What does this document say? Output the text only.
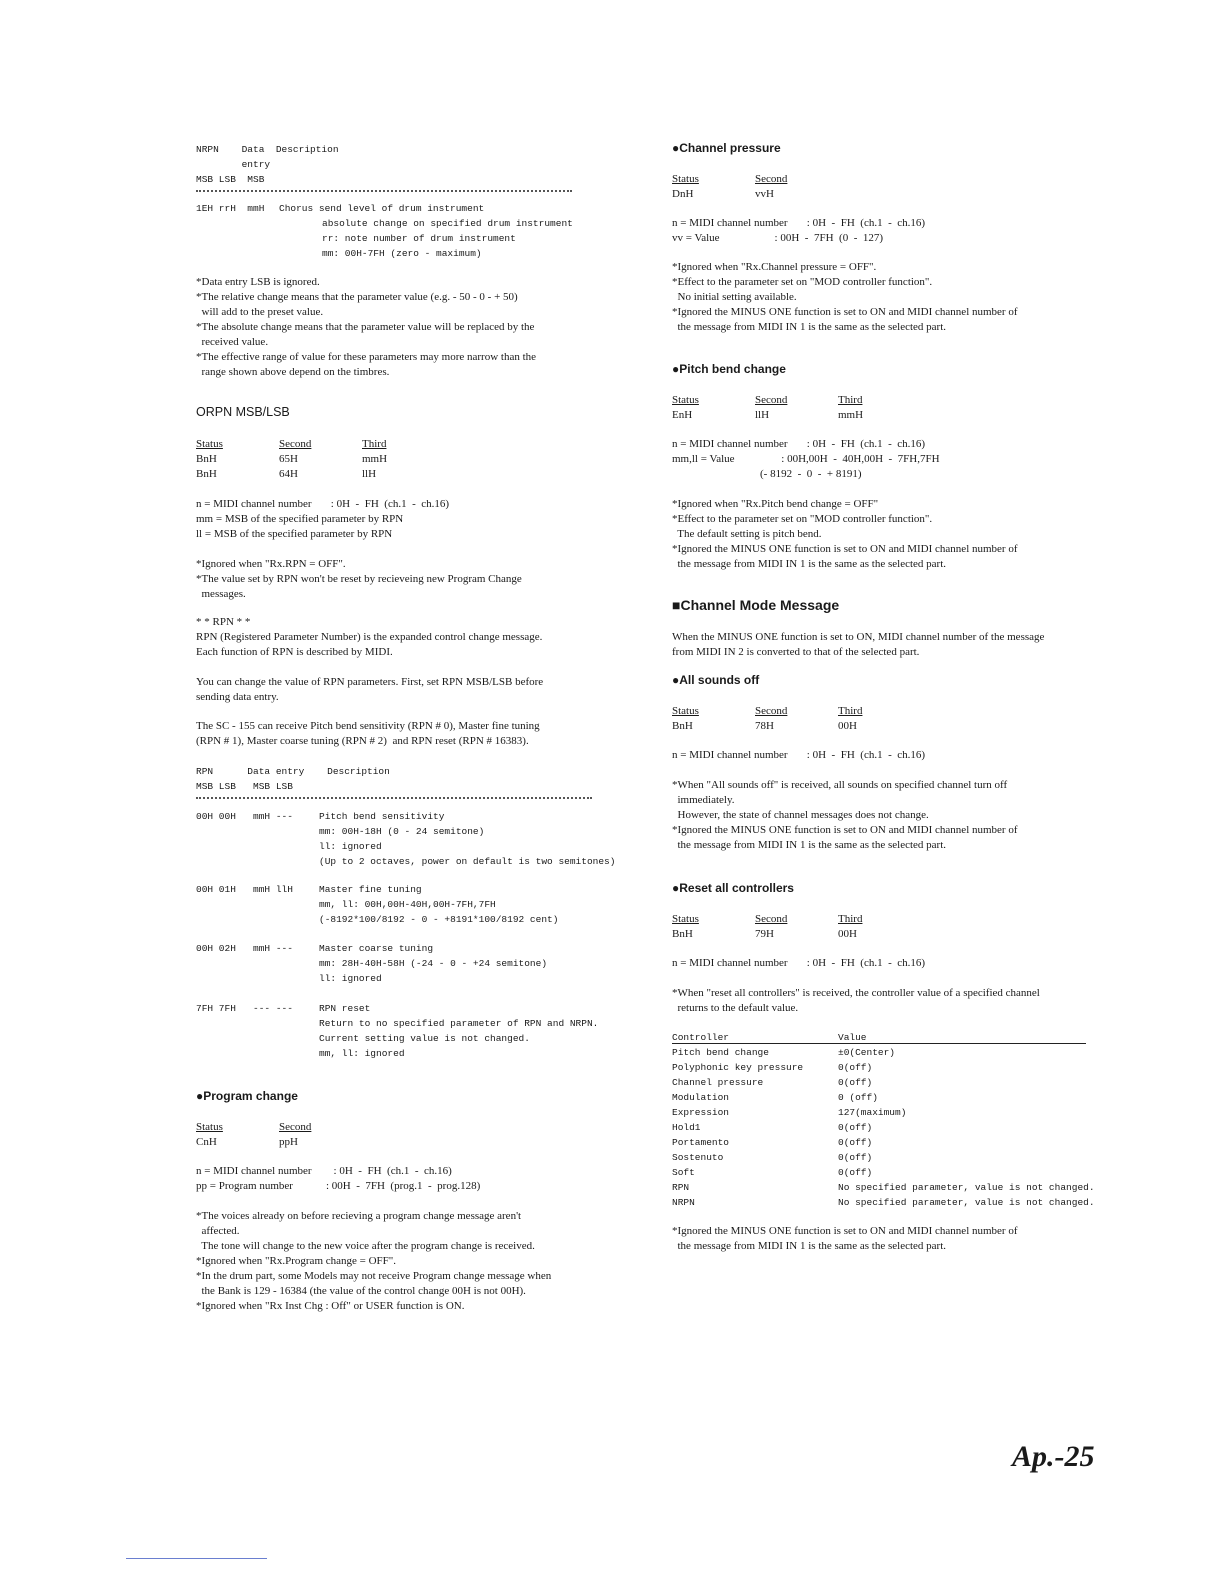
NRPN    Data  Description
entry
MSB LSB  MSB
1EH rrH  mmH Chorus send level of drum instrument
absolute change on specified drum instrument
rr: note number of drum instrument
mm: 00H-7FH (zero - maximum)
*Data entry LSB is ignored.
*The relative change means that the parameter value (e.g. - 50 - 0 - + 50)
will add to the preset value.
*The absolute change means that the parameter value will be replaced by the
received value.
*The effective range of value for these parameters may more narrow than the
range shown above depend on the timbres.
ORPN MSB/LSB
Status	Second	Third
BnH	65H	mmH
BnH	64H	llH
n = MIDI channel number       : 0H  -  FH  (ch.1  -  ch.16)
mm = MSB of the specified parameter by RPN
ll = MSB of the specified parameter by RPN
*Ignored when "Rx.RPN = OFF".
*The value set by RPN won't be reset by recieveing new Program Change
messages.
* * RPN * *
RPN (Registered Parameter Number) is the expanded control change message.
Each function of RPN is described by MIDI.
You can change the value of RPN parameters. First, set RPN MSB/LSB before
sending data entry.
The SC - 155 can receive Pitch bend sensitivity (RPN # 0), Master fine tuning
(RPN # 1), Master coarse tuning (RPN # 2)  and RPN reset (RPN # 16383).
RPN      Data entry    Description
MSB LSB   MSB LSB
00H 00H   mmH ---	Pitch bend sensitivity
mm: 00H-18H (0 - 24 semitone)
ll: ignored
(Up to 2 octaves, power on default is two semitones)
00H 01H   mmH llH	Master fine tuning
mm, ll: 00H,00H-40H,00H-7FH,7FH
(-8192*100/8192 - 0 - +8191*100/8192 cent)
00H 02H   mmH ---	Master coarse tuning
mm: 28H-40H-58H (-24 - 0 - +24 semitone)
ll: ignored
7FH 7FH   --- ---	RPN reset
Return to no specified parameter of RPN and NRPN.
Current setting value is not changed.
mm, ll: ignored
●Program change
Status	Second
CnH	ppH
n = MIDI channel number        : 0H  -  FH  (ch.1  -  ch.16)
pp = Program number            : 00H  -  7FH  (prog.1  -  prog.128)
*The voices already on before recieving a program change message aren't
affected.
The tone will change to the new voice after the program change is received.
*Ignored when "Rx.Program change = OFF".
*In the drum part, some Models may not receive Program change message when
the Bank is 129 - 16384 (the value of the control change 00H is not 00H).
*Ignored when "Rx Inst Chg : Off" or USER function is ON.
●Channel pressure
Status	Second
DnH	vvH
n = MIDI channel number       : 0H  -  FH  (ch.1  -  ch.16)
vv = Value                    : 00H  -  7FH  (0  -  127)
*Ignored when "Rx.Channel pressure = OFF".
*Effect to the parameter set on "MOD controller function".
No initial setting available.
*Ignored the MINUS ONE function is set to ON and MIDI channel number of
the message from MIDI IN 1 is the same as the selected part.
●Pitch bend change
Status	Second	Third
EnH	llH	mmH
n = MIDI channel number       : 0H  -  FH  (ch.1  -  ch.16)
mm,ll = Value                 : 00H,00H  -  40H,00H  -  7FH,7FH
(- 8192  -  0  -  + 8191)
*Ignored when "Rx.Pitch bend change = OFF"
*Effect to the parameter set on "MOD controller function".
The default setting is pitch bend.
*Ignored the MINUS ONE function is set to ON and MIDI channel number of
the message from MIDI IN 1 is the same as the selected part.
■Channel Mode Message
When the MINUS ONE function is set to ON, MIDI channel number of the message
from MIDI IN 2 is converted to that of the selected part.
●All sounds off
Status	Second	Third
BnH	78H	00H
n = MIDI channel number       : 0H  -  FH  (ch.1  -  ch.16)
*When "All sounds off" is received, all sounds on specified channel turn off
immediately.
However, the state of channel messages does not change.
*Ignored the MINUS ONE function is set to ON and MIDI channel number of
the message from MIDI IN 1 is the same as the selected part.
●Reset all controllers
Status	Second	Third
BnH	79H	00H
n = MIDI channel number       : 0H  -  FH  (ch.1  -  ch.16)
*When "reset all controllers" is received, the controller value of a specified channel
returns to the default value.
Controller	Value
Pitch bend change	±0(Center)
Polyphonic key pressure	0(off)
Channel pressure	0(off)
Modulation	0 (off)
Expression	127(maximum)
Hold1	0(off)
Portamento	0(off)
Sostenuto	0(off)
Soft	0(off)
RPN	No specified parameter, value is not changed.
NRPN	No specified parameter, value is not changed.
*Ignored the MINUS ONE function is set to ON and MIDI channel number of
the message from MIDI IN 1 is the same as the selected part.
Ap.-25
